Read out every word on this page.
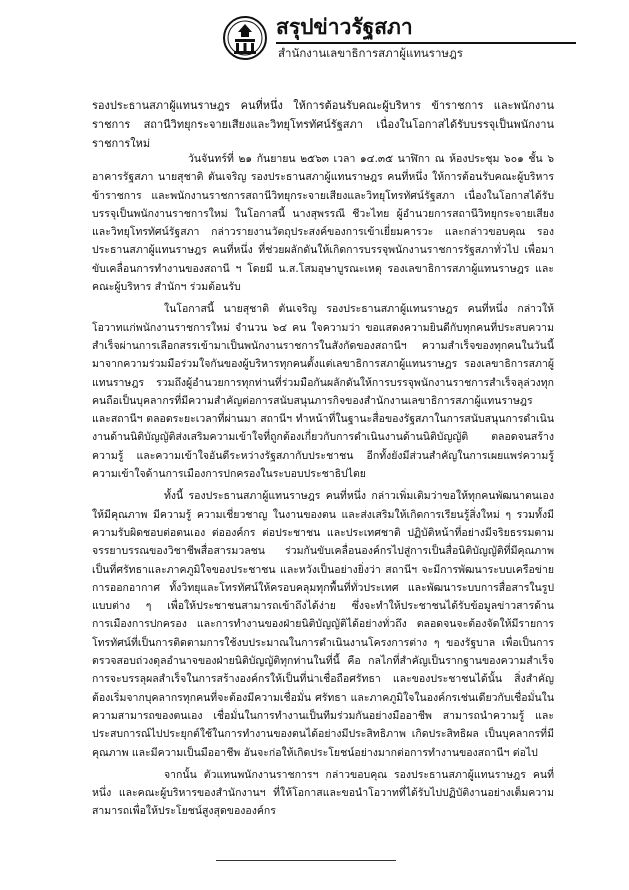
สรุปข่าวรัฐสภา

สำนักงานเลขาธิการสภาผู้แทนราษฎร

รองประธานสภาผู้แทนราษฎร คนที่หนึ่ง ให้การต้อนรับคณะผู้บริหาร ข้าราชการ และพนักงานราชการ สถานีวิทยุกระจายเสียงและวิทยุโทรทัศน์รัฐสภา เนื่องในโอกาสได้รับบรรจุเป็นพนักงานราชการใหม่

วันจันทร์ที่ ๒๑ กันยายน ๒๕๖๓ เวลา ๑๔.๓๕ นาฬิกา ณ ห้องประชุม ๖๐๑ ชั้น ๖ อาคารรัฐสภา นายสุชาติ ตันเจริญ รองประธานสภาผู้แทนราษฎร คนที่หนึ่ง ให้การต้อนรับคณะผู้บริหาร ข้าราชการ และพนักงานราชการสถานีวิทยุกระจายเสียงและวิทยุโทรทัศน์รัฐสภา เนื่องในโอกาสได้รับบรรจุเป็นพนักงานราชการใหม่ ในโอกาสนี้ นางสุพรรณี ชีวะไทย ผู้อำนวยการสถานีวิทยุกระจายเสียงและวิทยุโทรทัศน์รัฐสภา กล่าวรายงานวัตถุประสงค์ของการเข้าเยี่ยมคารวะ และกล่าวขอบคุณ รองประธานสภาผู้แทนราษฎร คนที่หนึ่ง ที่ช่วยผลักดันให้เกิดการบรรจุพนักงานราชการรัฐสภาทั่วไป เพื่อมาขับเคลื่อนการทำงานของสถานี ฯ โดยมี น.ส.โสมอุษาบูรณะเหตุ รองเลขาธิการสภาผู้แทนราษฎร และคณะผู้บริหาร สำนักฯ ร่วมต้อนรับ

ในโอกาสนี้ นายสุชาติ ตันเจริญ รองประธานสภาผู้แทนราษฎร คนที่หนึ่ง กล่าวให้โอวาทแก่พนักงานราชการใหม่ จำนวน ๖๔ คน ใจความว่า ขอแสดงความยินดีกับทุกคนที่ประสบความสำเร็จผ่านการเลือกสรรเข้ามาเป็นพนักงานราชการในสังกัดของสถานีฯ ความสำเร็จของทุกคนในวันนี้ มาจากความร่วมมือร่วมใจกันของผู้บริหารทุกคนตั้งแต่เลขาธิการสภาผู้แทนราษฎร รองเลขาธิการสภาผู้แทนราษฎร รวมถึงผู้อำนวยการทุกท่านที่ร่วมมือกันผลักดันให้การบรรจุพนักงานราชการสำเร็จลุล่วงทุกคนถือเป็นบุคลากรที่มีความสำคัญต่อการสนับสนุนภารกิจของสำนักงานเลขาธิการสภาผู้แทนราษฎร และสถานีฯ ตลอดระยะเวลาที่ผ่านมา สถานีฯ ทำหน้าที่ในฐานะสื่อของรัฐสภาในการสนับสนุนการดำเนินงานด้านนิติบัญญัติส่งเสริมความเข้าใจที่ถูกต้องเกี่ยวกับการดำเนินงานด้านนิติบัญญัติ ตลอดจนสร้างความรู้ และความเข้าใจอันดีระหว่างรัฐสภากับประชาชน อีกทั้งยังมีส่วนสำคัญในการเผยแพร่ความรู้ความเข้าใจด้านการเมืองการปกครองในระบอบประชาธิปไตย

ทั้งนี้ รองประธานสภาผู้แทนราษฎร คนที่หนึ่ง กล่าวเพิ่มเติมว่าขอให้ทุกคนพัฒนาตนเองให้มีคุณภาพ มีความรู้ ความเชี่ยวชาญ ในงานของตน และส่งเสริมให้เกิดการเรียนรู้สิ่งใหม่ ๆ รวมทั้งมีความรับผิดชอบต่อตนเอง ต่อองค์กร ต่อประชาชน และประเทศชาติ ปฏิบัติหน้าที่อย่างมีจริยธรรมตามจรรยาบรรณของวิชาชีพสื่อสารมวลชน ร่วมกันขับเคลื่อนองค์กรไปสู่การเป็นสื่อนิติบัญญัติที่มีคุณภาพเป็นที่ศรัทธาและภาคภูมิใจของประชาชน และหวังเป็นอย่างยิ่งว่า สถานีฯ จะมีการพัฒนาระบบเครือข่ายการออกอากาศ ทั้งวิทยุและโทรทัศน์ให้ครอบคลุมทุกพื้นที่ทั่วประเทศ และพัฒนาระบบการสื่อสารในรูปแบบต่าง ๆ เพื่อให้ประชาชนสามารถเข้าถึงได้ง่าย ซึ่งจะทำให้ประชาชนได้รับข้อมูลข่าวสารด้านการเมืองการปกครอง และการทำงานของฝ่ายนิติบัญญัติได้อย่างทั่วถึง ตลอดจนจะต้องจัดให้มีรายการโทรทัศน์ที่เป็นการติดตามการใช้งบประมาณในการดำเนินงานโครงการต่าง ๆ ของรัฐบาล เพื่อเป็นการตรวจสอบถ่วงดุลอำนาจของฝ่ายนิติบัญญัติทุกท่านในที่นี้ คือ กลไกที่สำคัญเป็นรากฐานของความสำเร็จ การจะบรรลุผลสำเร็จในการสร้างองค์กรให้เป็นที่น่าเชื่อถือศรัทธา และของประชาชนได้นั้น สิ่งสำคัญต้องเริ่มจากบุคลากรทุกคนที่จะต้องมีความเชื่อมั่น ศรัทธา และภาคภูมิใจในองค์กรเช่นเดียวกับเชื่อมั่นในความสามารถของตนเอง เชื่อมั่นในการทำงานเป็นทีมร่วมกันอย่างมืออาชีพ สามารถนำความรู้ และประสบการณ์ไปประยุกต์ใช้ในการทำงานของตนได้อย่างมีประสิทธิภาพ เกิดประสิทธิผล เป็นบุคลากรที่มีคุณภาพ และมีความเป็นมืออาชีพ อันจะก่อให้เกิดประโยชน์อย่างมากต่อการทำงานของสถานีฯ ต่อไป

จากนั้น ตัวแทนพนักงานราชการฯ กล่าวขอบคุณ รองประธานสภาผู้แทนราษฎร คนที่หนึ่ง และคณะผู้บริหารของสำนักงานฯ ที่ให้โอกาสและขอนำโอวาทที่ได้รับไปปฏิบัติงานอย่างเต็มความสามารถเพื่อให้ประโยชน์สูงสุดขององค์กร
